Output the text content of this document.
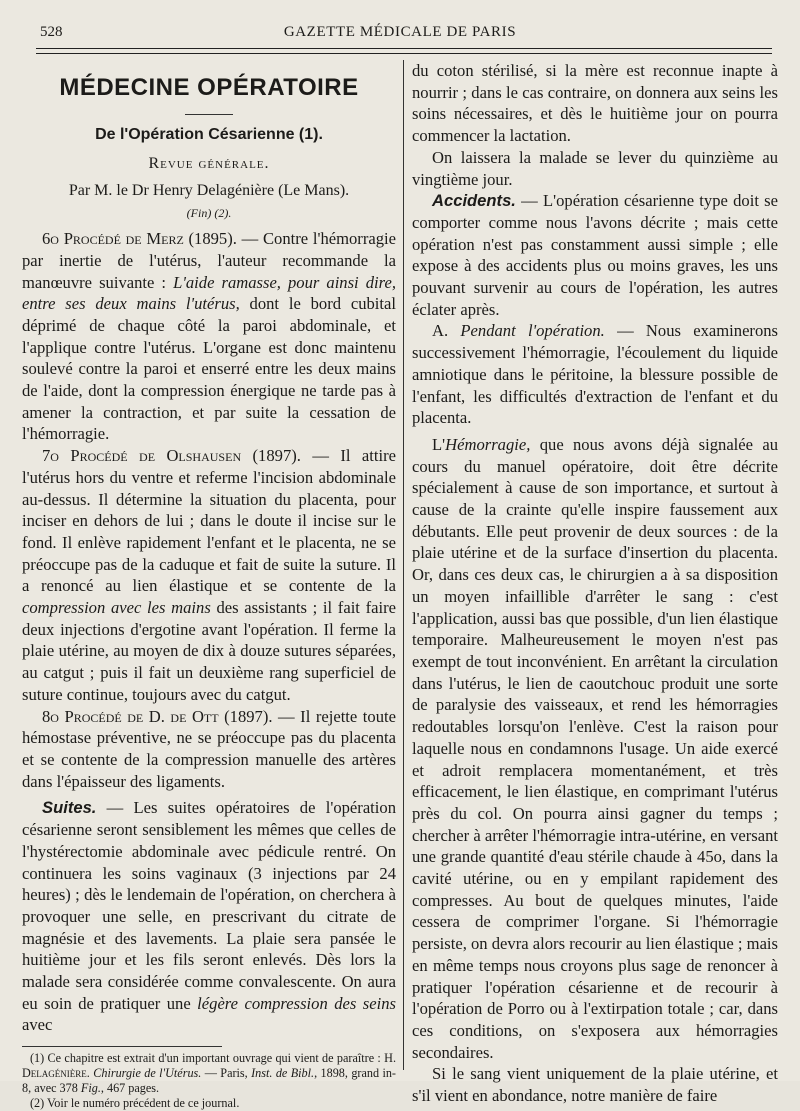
528	GAZETTE MÉDICALE DE PARIS
MÉDECINE OPÉRATOIRE
De l'Opération Césarienne (1).
Revue générale.
Par M. le Dr Henry Delagénière (Le Mans).
(Fin) (2).

6o Procédé de Merz (1895). — Contre l'hémorragie par inertie de l'utérus, l'auteur recommande la manœuvre suivante : L'aide ramasse, pour ainsi dire, entre ses deux mains l'utérus, dont le bord cubital déprimé de chaque côté la paroi abdominale, et l'applique contre l'utérus. L'organe est donc maintenu soulevé contre la paroi et enserré entre les deux mains de l'aide, dont la compression énergique ne tarde pas à amener la contraction, et par suite la cessation de l'hémorragie.

7o Procédé de Olshausen (1897). — Il attire l'utérus hors du ventre et referme l'incision abdominale au-dessus. Il détermine la situation du placenta, pour inciser en dehors de lui ; dans le doute il incise sur le fond. Il enlève rapidement l'enfant et le placenta, ne se préoccupe pas de la caduque et fait de suite la suture. Il a renoncé au lien élastique et se contente de la compression avec les mains des assistants ; il fait faire deux injections d'ergotine avant l'opération. Il ferme la plaie utérine, au moyen de dix à douze sutures séparées, au catgut ; puis il fait un deuxième rang superficiel de suture continue, toujours avec du catgut.

8o Procédé de D. de Ott (1897). — Il rejette toute hémostase préventive, ne se préoccupe pas du placenta et se contente de la compression manuelle des artères dans l'épaisseur des ligaments.

Suites. — Les suites opératoires de l'opération césarienne seront sensiblement les mêmes que celles de l'hystérectomie abdominale avec pédicule rentré. On continuera les soins vaginaux (3 injections par 24 heures) ; dès le lendemain de l'opération, on cherchera à provoquer une selle, en prescrivant du citrate de magnésie et des lavements. La plaie sera pansée le huitième jour et les fils seront enlevés. Dès lors la malade sera considérée comme convalescente. On aura eu soin de pratiquer une légère compression des seins avec

(1) Ce chapitre est extrait d'un important ouvrage qui vient de paraître : H. Delagénière. Chirurgie de l'Utérus. — Paris, Inst. de Bibl., 1898, grand in-8, avec 378 Fig., 467 pages.

(2) Voir le numéro précédent de ce journal.

du coton stérilisé, si la mère est reconnue inapte à nourrir ; dans le cas contraire, on donnera aux seins les soins nécessaires, et dès le huitième jour on pourra commencer la lactation.

On laissera la malade se lever du quinzième au vingtième jour.

Accidents. — L'opération césarienne type doit se comporter comme nous l'avons décrite ; mais cette opération n'est pas constamment aussi simple ; elle expose à des accidents plus ou moins graves, les uns pouvant survenir au cours de l'opération, les autres éclater après.

A. Pendant l'opération. — Nous examinerons successivement l'hémorragie, l'écoulement du liquide amniotique dans le péritoine, la blessure possible de l'enfant, les difficultés d'extraction de l'enfant et du placenta.

L'Hémorragie, que nous avons déjà signalée au cours du manuel opératoire, doit être décrite spécialement à cause de son importance, et surtout à cause de la crainte qu'elle inspire faussement aux débutants. Elle peut provenir de deux sources : de la plaie utérine et de la surface d'insertion du placenta. Or, dans ces deux cas, le chirurgien a à sa disposition un moyen infaillible d'arrêter le sang : c'est l'application, aussi bas que possible, d'un lien élastique temporaire. Malheureusement le moyen n'est pas exempt de tout inconvénient. En arrêtant la circulation dans l'utérus, le lien de caoutchouc produit une sorte de paralysie des vaisseaux, et rend les hémorragies redoutables lorsqu'on l'enlève. C'est la raison pour laquelle nous en condamnons l'usage. Un aide exercé et adroit remplacera momentanément, et très efficacement, le lien élastique, en comprimant l'utérus près du col. On pourra ainsi gagner du temps ; chercher à arrêter l'hémorragie intra-utérine, en versant une grande quantité d'eau stérile chaude à 45o, dans la cavité utérine, ou en y empilant rapidement des compresses. Au bout de quelques minutes, l'aide cessera de comprimer l'organe. Si l'hémorragie persiste, on devra alors recourir au lien élastique ; mais en même temps nous croyons plus sage de renoncer à pratiquer l'opération césarienne et de recourir à l'opération de Porro ou à l'extirpation totale ; car, dans ces conditions, on s'exposera aux hémorragies secondaires.

Si le sang vient uniquement de la plaie utérine, et s'il vient en abondance, notre manière de faire
